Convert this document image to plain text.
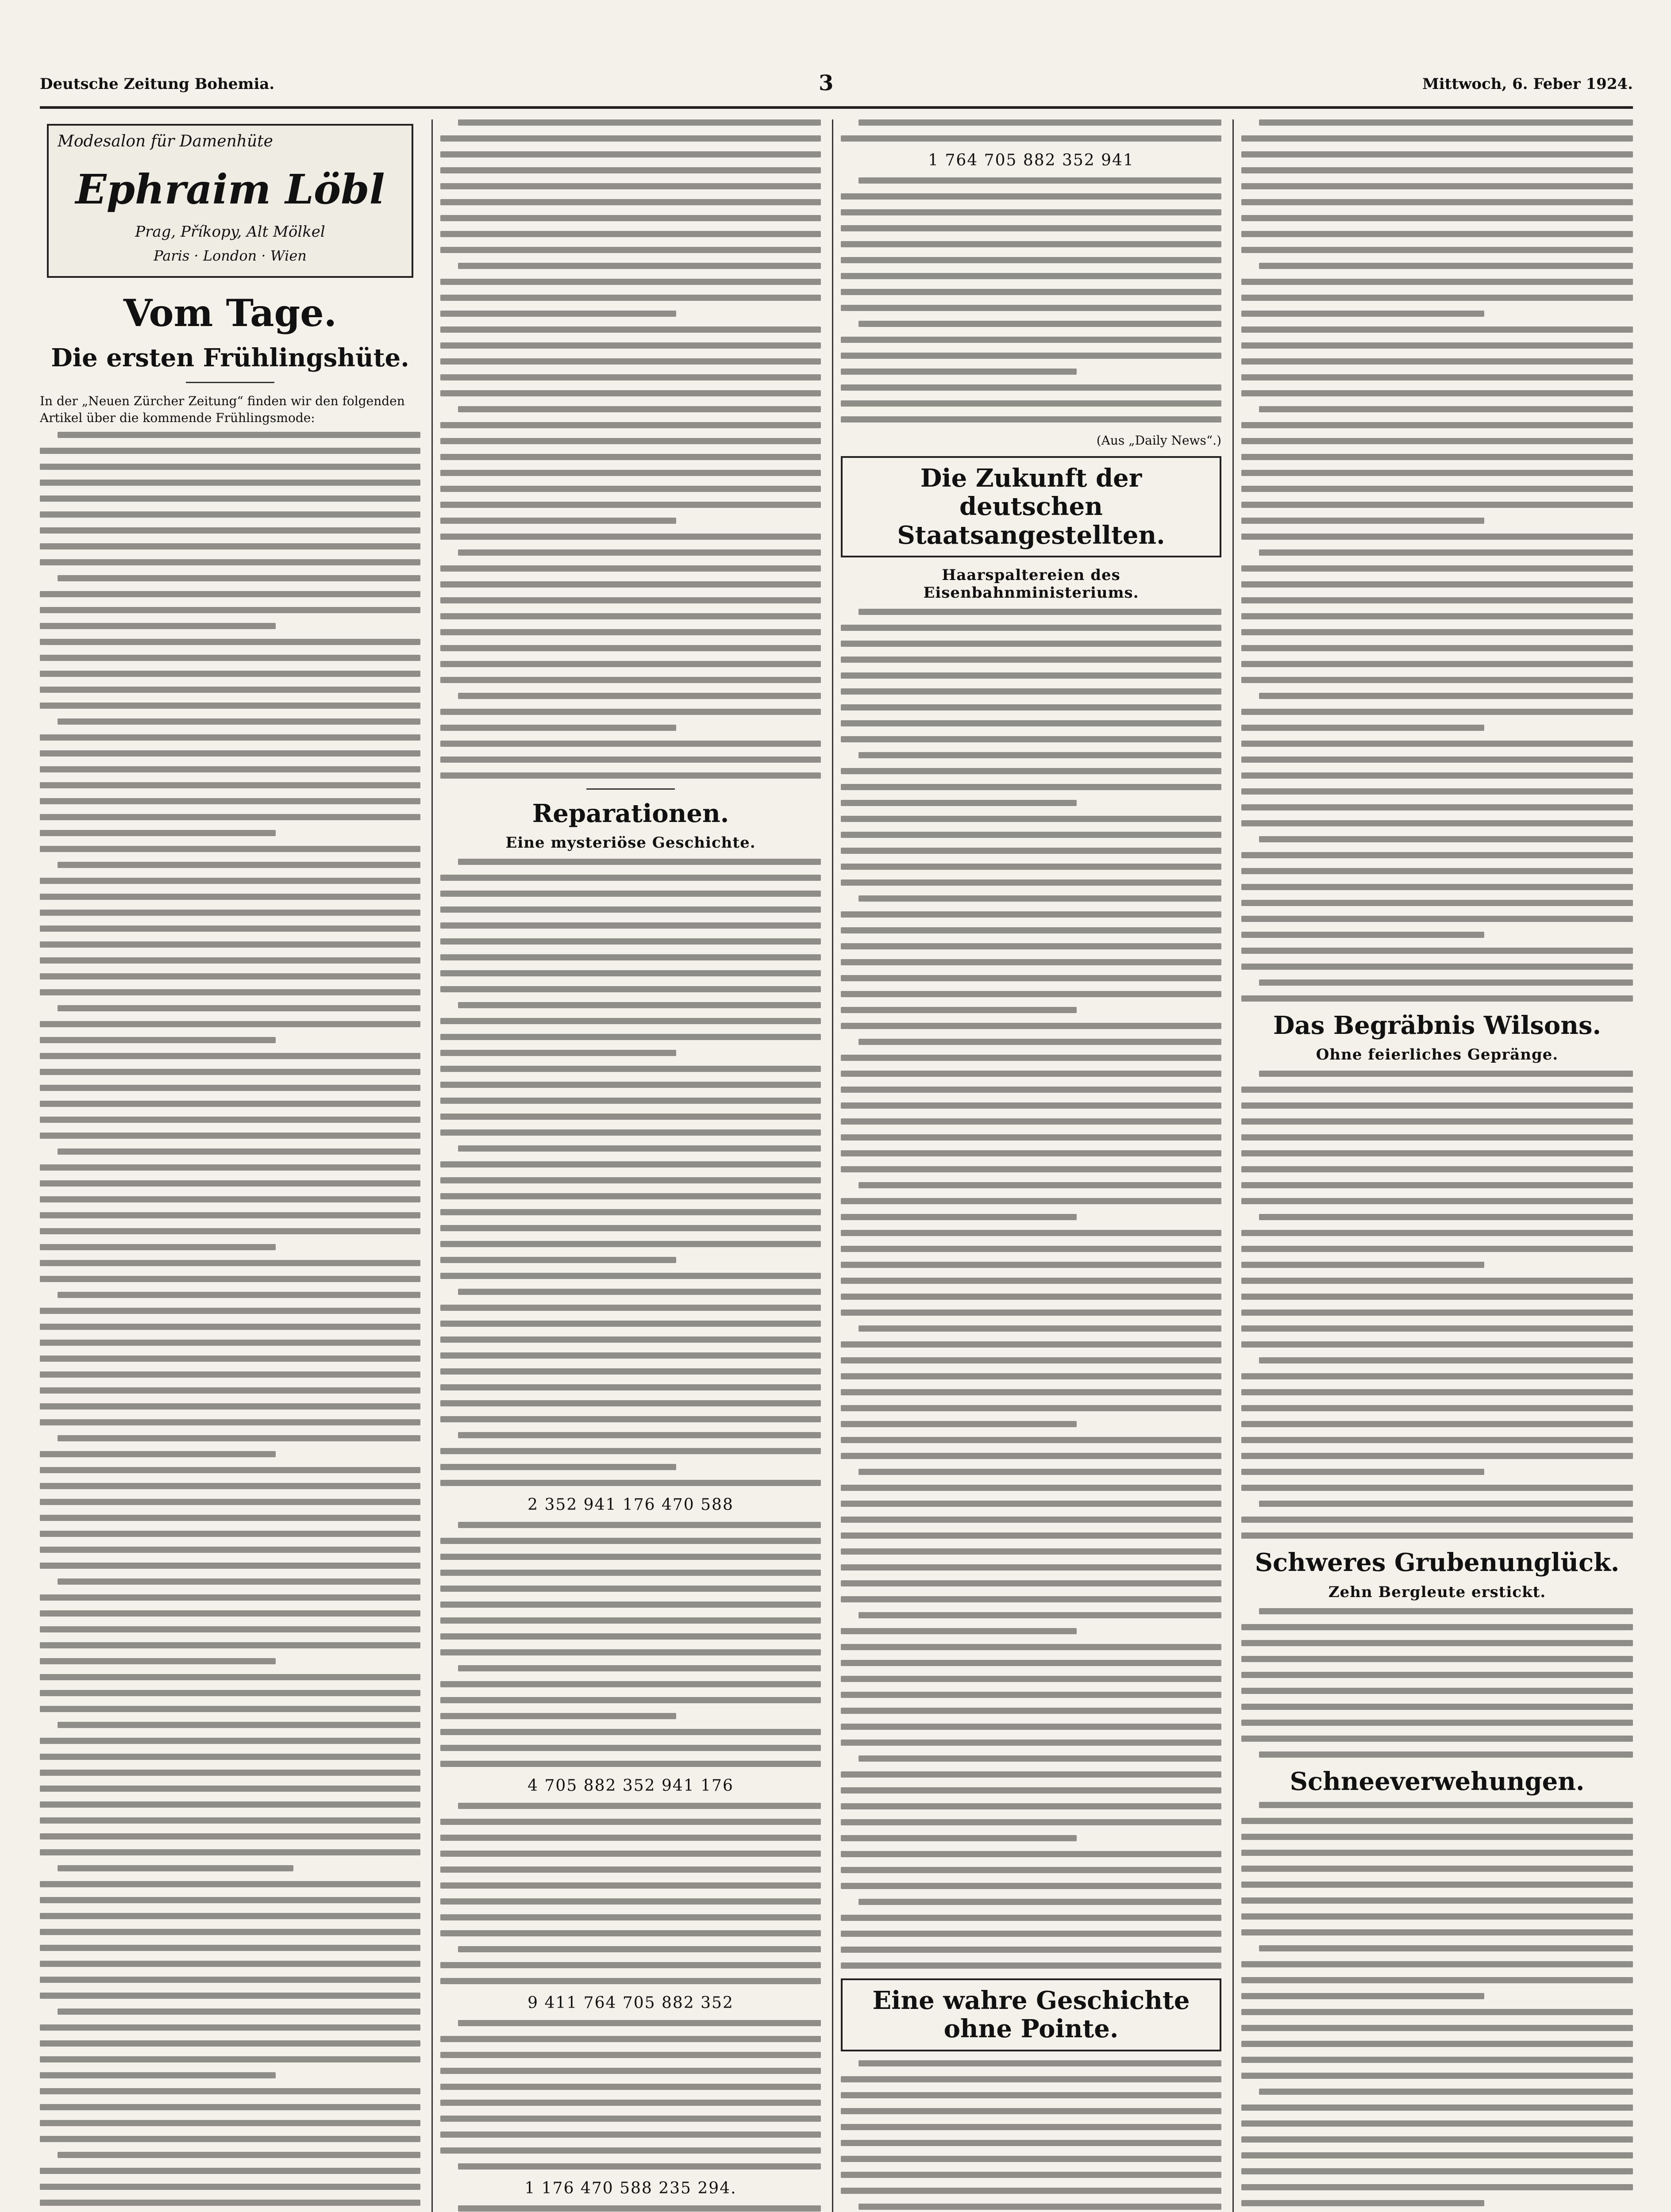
Deutsche Zeitung Bohemia.	3	Mittwoch, 6. Feber 1924.
Modesalon für Damenhüte
Ephraim Löbl
Prag, Příkopy, Alt Mölkel
Paris · London · Wien
Vom Tage.
Die ersten Frühlingshüte.

In der „Neuen Zürcher Zeitung“ finden wir den folgenden Artikel über die kommende Frühlingsmode:

Reparationen.
Eine mysteriöse Geschichte.
2 352 941 176 470 588
4 705 882 352 941 176
9 411 764 705 882 352
1 176 470 588 235 294.
1 764 705 882 352 941
(Aus „Daily News“.)
Die Zukunft der deutschen Staatsangestellten.
Haarspaltereien des Eisenbahnministeriums.
Eine wahre Geschichte ohne Pointe.
Das Begräbnis Wilsons.
Ohne feierliches Gepränge.
Schweres Grubenunglück.
Zehn Bergleute erstickt.
Schneeverwehungen.
